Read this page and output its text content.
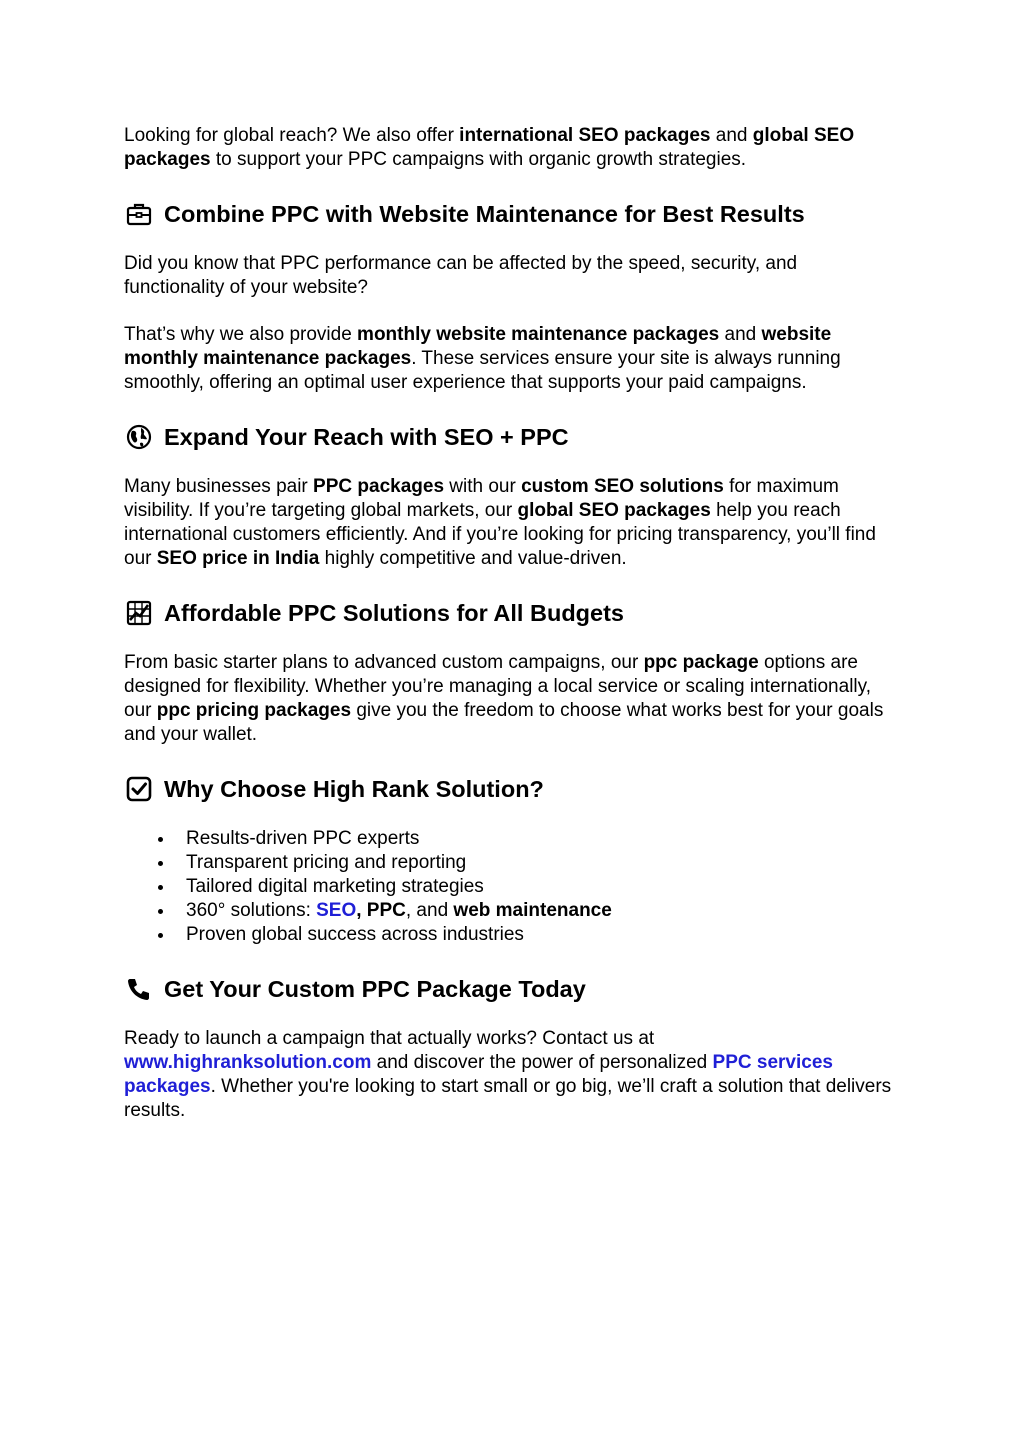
Looking for global reach? We also offer international SEO packages and global SEO packages to support your PPC campaigns with organic growth strategies.

Combine PPC with Website Maintenance for Best Results

Did you know that PPC performance can be affected by the speed, security, and functionality of your website?

That’s why we also provide monthly website maintenance packages and website monthly maintenance packages. These services ensure your site is always running smoothly, offering an optimal user experience that supports your paid campaigns.

Expand Your Reach with SEO + PPC

Many businesses pair PPC packages with our custom SEO solutions for maximum visibility. If you’re targeting global markets, our global SEO packages help you reach international customers efficiently. And if you’re looking for pricing transparency, you’ll find our SEO price in India highly competitive and value-driven.

Affordable PPC Solutions for All Budgets

From basic starter plans to advanced custom campaigns, our ppc package options are designed for flexibility. Whether you’re managing a local service or scaling internationally, our ppc pricing packages give you the freedom to choose what works best for your goals and your wallet.

Why Choose High Rank Solution?
Results-driven PPC experts
Transparent pricing and reporting
Tailored digital marketing strategies
360° solutions: SEO, PPC, and web maintenance
Proven global success across industries
Get Your Custom PPC Package Today

Ready to launch a campaign that actually works? Contact us at www.highranksolution.com and discover the power of personalized PPC services packages. Whether you're looking to start small or go big, we’ll craft a solution that delivers results.
